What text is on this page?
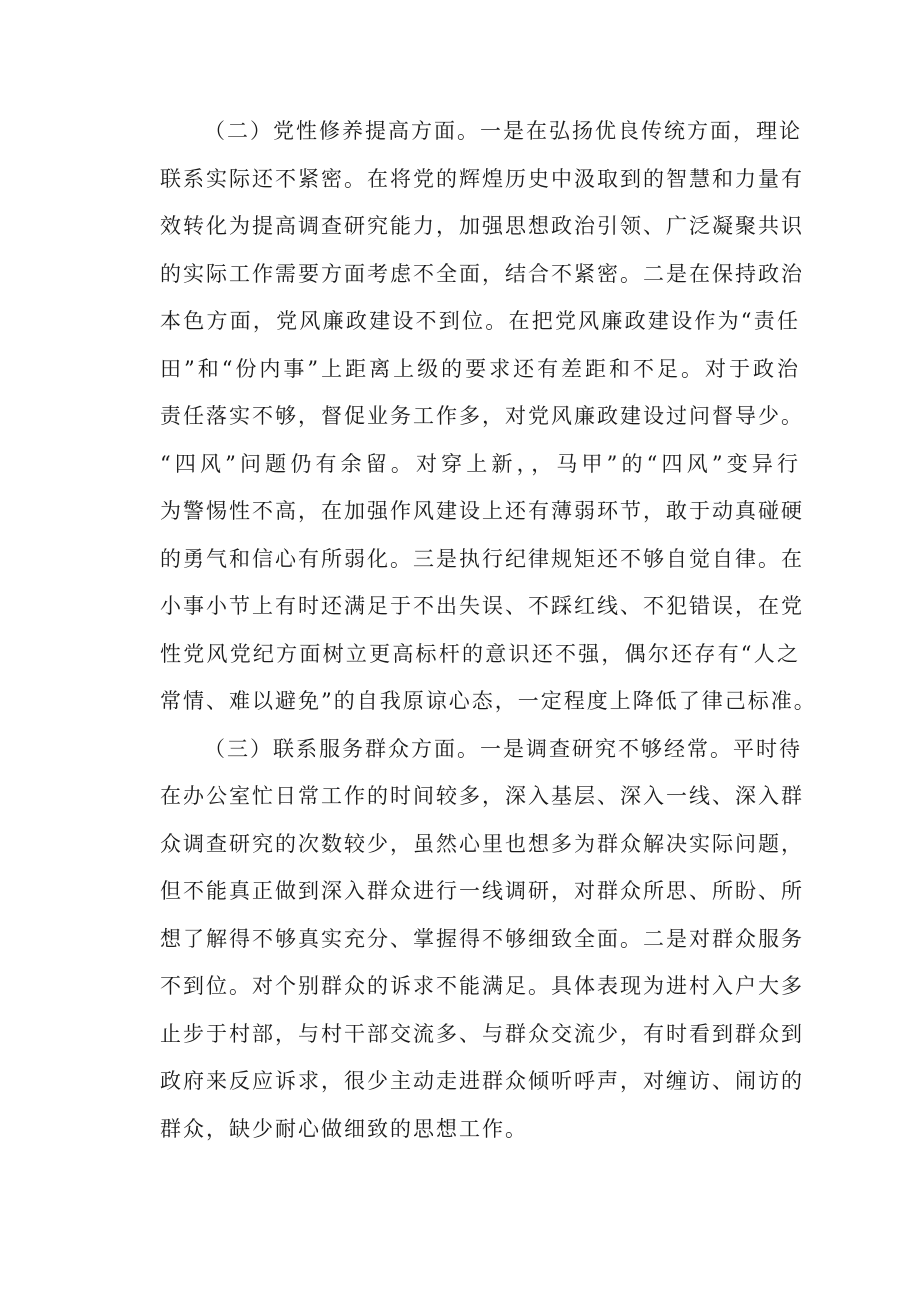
（二）党性修养提高方面。一是在弘扬优良传统方面，理论
联系实际还不紧密。在将党的辉煌历史中汲取到的智慧和力量有
效转化为提高调查研究能力，加强思想政治引领、广泛凝聚共识
的实际工作需要方面考虑不全面，结合不紧密。二是在保持政治
本色方面，党风廉政建设不到位。在把党风廉政建设作为“责任
田”和“份内事”上距离上级的要求还有差距和不足。对于政治
责任落实不够，督促业务工作多，对党风廉政建设过问督导少。
“四风”问题仍有余留。对穿上新，，马甲”的“四风”变异行
为警惕性不高，在加强作风建设上还有薄弱环节，敢于动真碰硬
的勇气和信心有所弱化。三是执行纪律规矩还不够自觉自律。在
小事小节上有时还满足于不出失误、不踩红线、不犯错误，在党
性党风党纪方面树立更高标杆的意识还不强，偶尔还存有“人之
常情、难以避免”的自我原谅心态，一定程度上降低了律己标准。
（三）联系服务群众方面。一是调查研究不够经常。平时待
在办公室忙日常工作的时间较多，深入基层、深入一线、深入群
众调查研究的次数较少，虽然心里也想多为群众解决实际问题，
但不能真正做到深入群众进行一线调研，对群众所思、所盼、所
想了解得不够真实充分、掌握得不够细致全面。二是对群众服务
不到位。对个别群众的诉求不能满足。具体表现为进村入户大多
止步于村部，与村干部交流多、与群众交流少，有时看到群众到
政府来反应诉求，很少主动走进群众倾听呼声，对缠访、闹访的
群众，缺少耐心做细致的思想工作。
